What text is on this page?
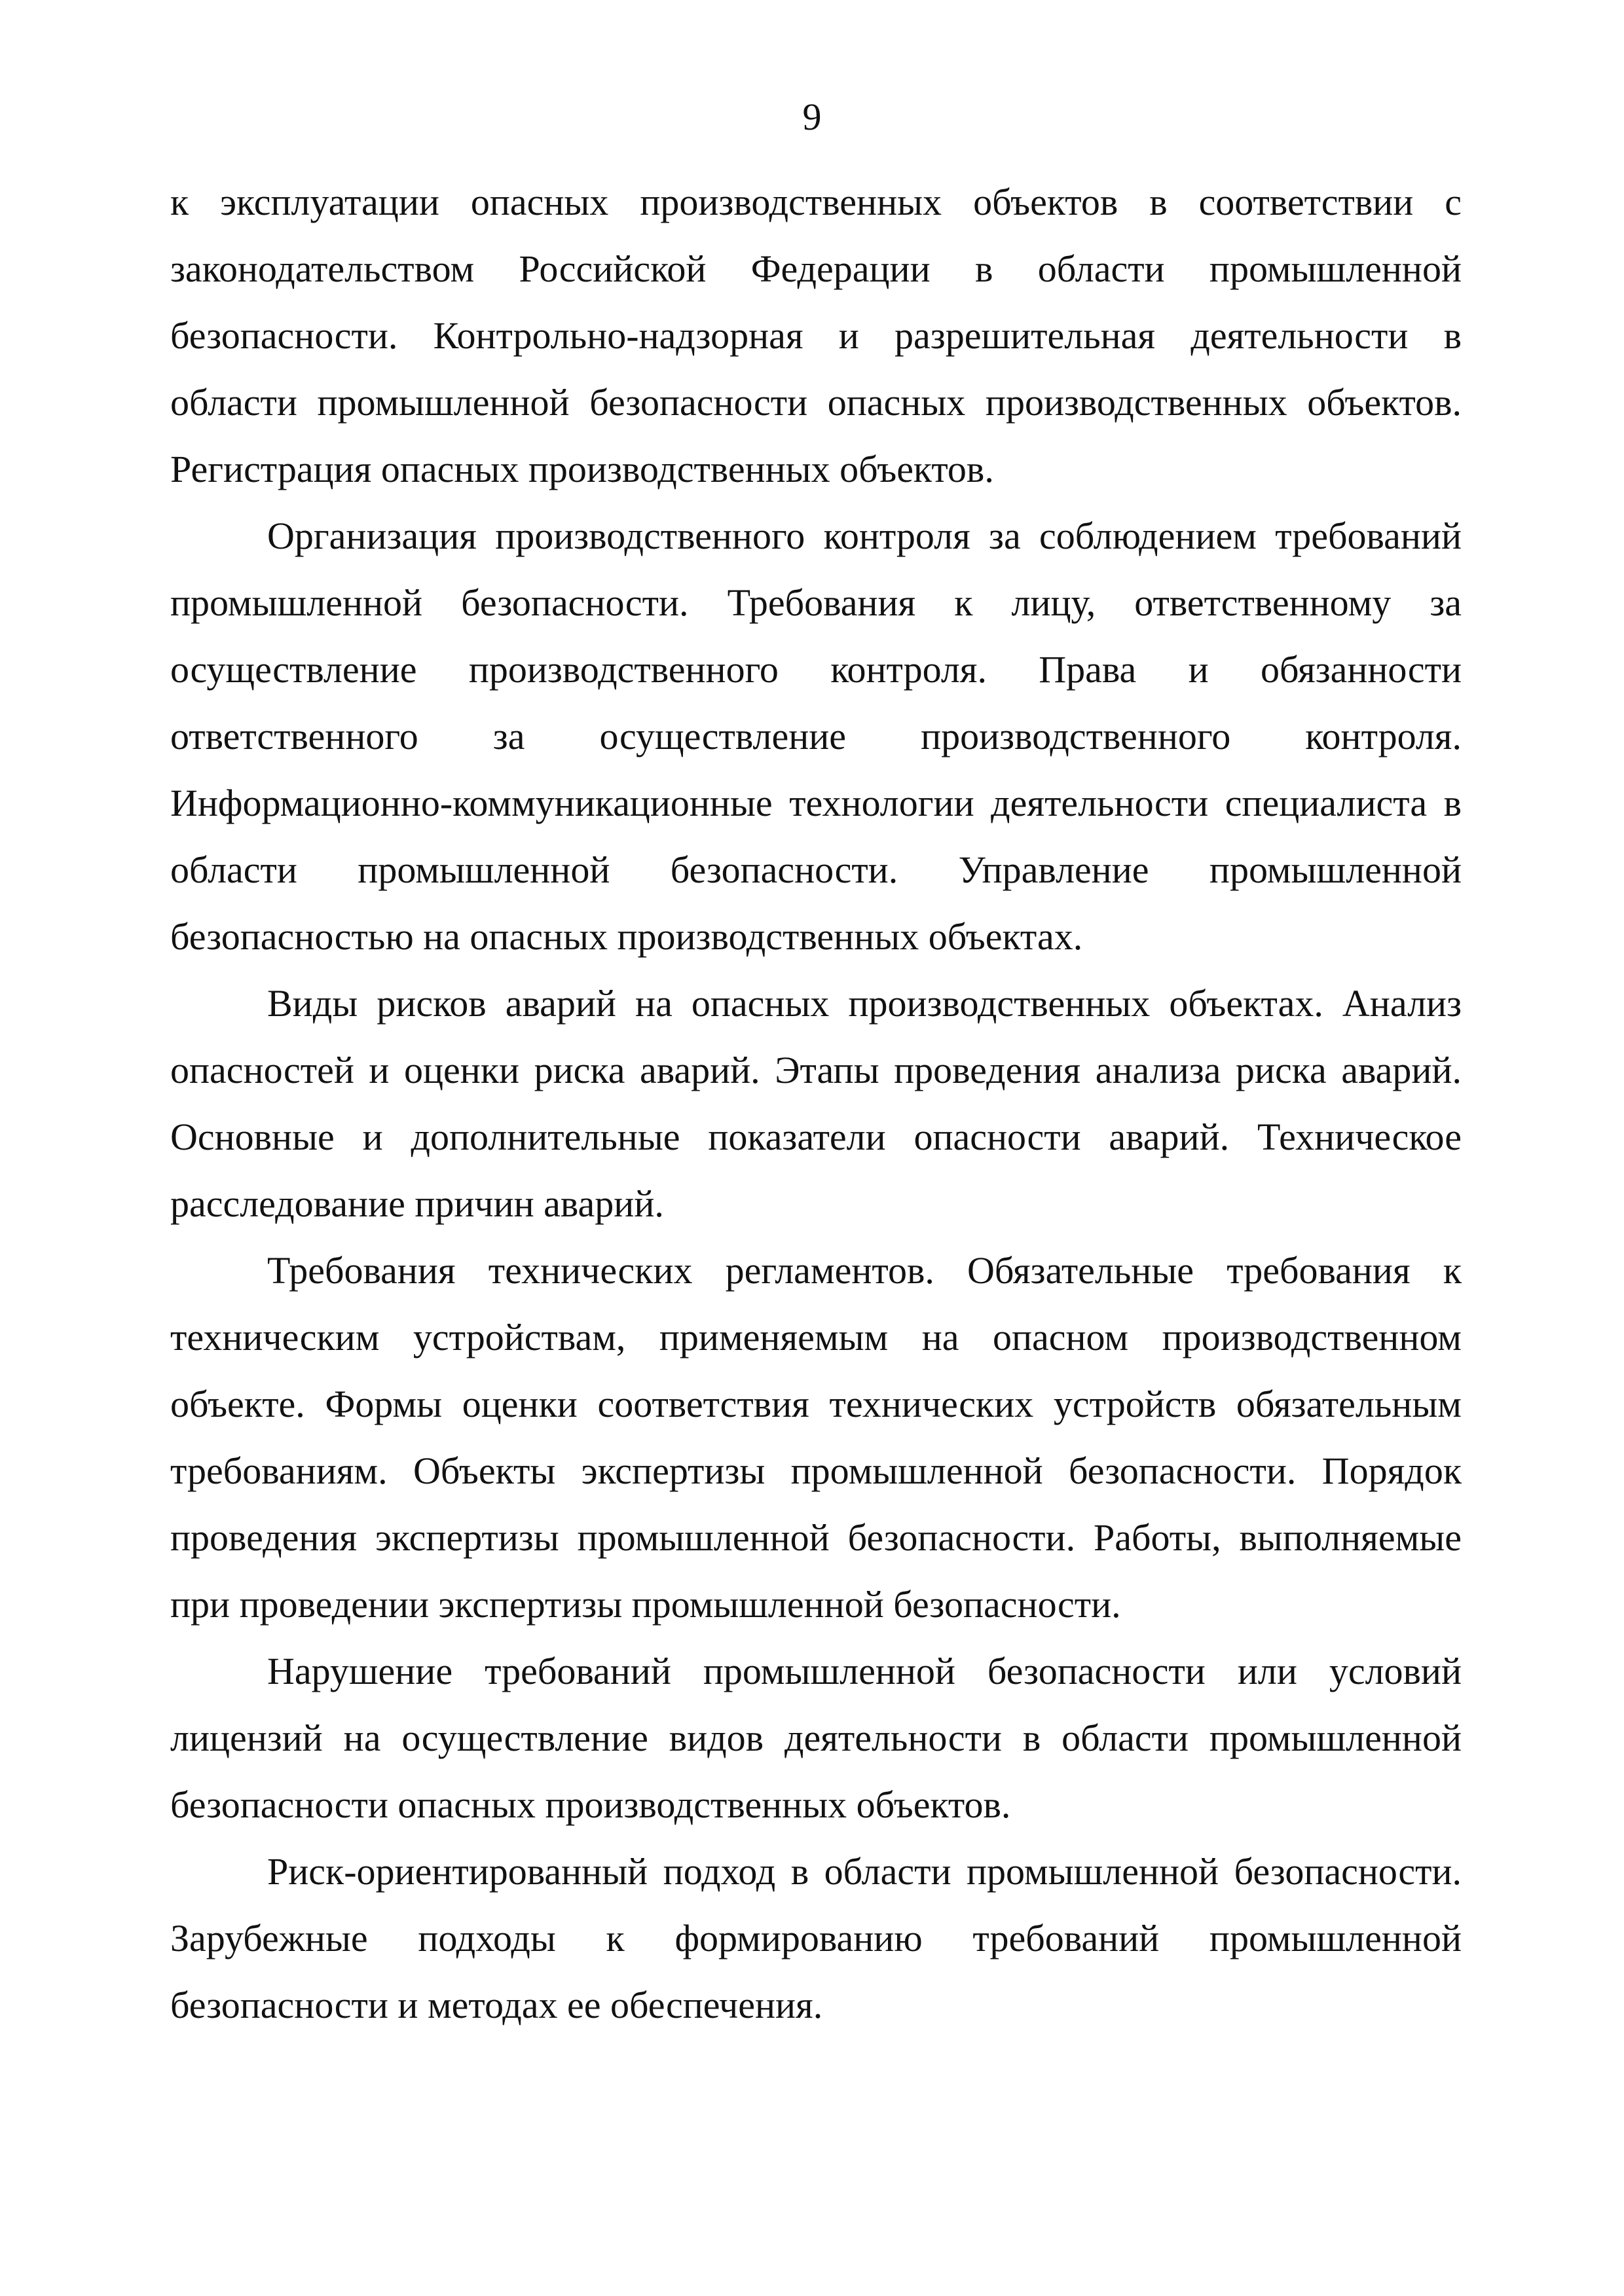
9

к эксплуатации опасных производственных объектов в соответствии с законодательством Российской Федерации в области промышленной безопасности. Контрольно-надзорная и разрешительная деятельности в области промышленной безопасности опасных производственных объектов. Регистрация опасных производственных объектов.

Организация производственного контроля за соблюдением требований промышленной безопасности. Требования к лицу, ответственному за осуществление производственного контроля. Права и обязанности ответственного за осуществление производственного контроля. Информационно-коммуникационные технологии деятельности специалиста в области промышленной безопасности. Управление промышленной безопасностью на опасных производственных объектах.

Виды рисков аварий на опасных производственных объектах. Анализ опасностей и оценки риска аварий. Этапы проведения анализа риска аварий. Основные и дополнительные показатели опасности аварий. Техническое расследование причин аварий.

Требования технических регламентов. Обязательные требования к техническим устройствам, применяемым на опасном производственном объекте. Формы оценки соответствия технических устройств обязательным требованиям. Объекты экспертизы промышленной безопасности. Порядок проведения экспертизы промышленной безопасности. Работы, выполняемые при проведении экспертизы промышленной безопасности.

Нарушение требований промышленной безопасности или условий лицензий на осуществление видов деятельности в области промышленной безопасности опасных производственных объектов.

Риск-ориентированный подход в области промышленной безопасности. Зарубежные подходы к формированию требований промышленной безопасности и методах ее обеспечения.
